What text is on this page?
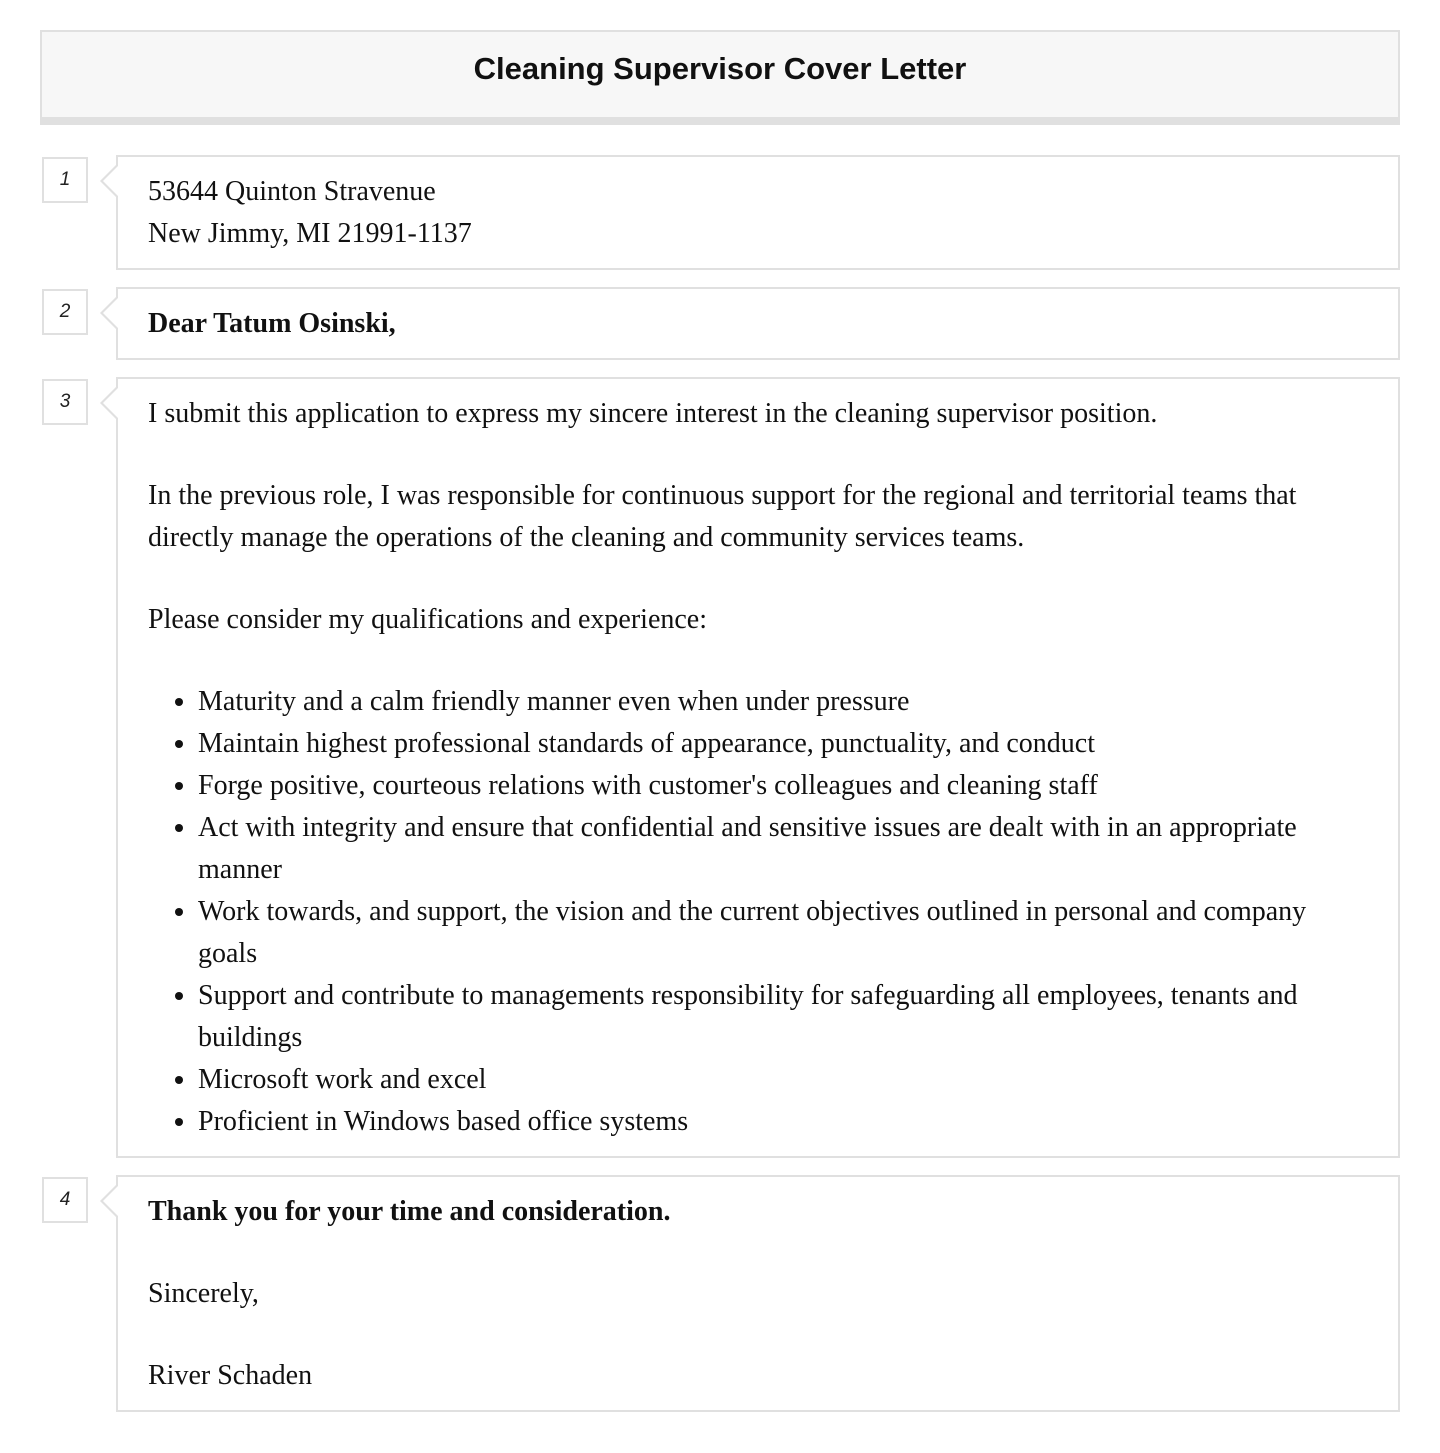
Cleaning Supervisor Cover Letter
1	53644 Quinton Stravenue

New Jimmy, MI 21991-1137

2	Dear Tatum Osinski,

3	I submit this application to express my sincere interest in the cleaning supervisor position.

In the previous role, I was responsible for continuous support for the regional and territorial teams that directly manage the operations of the cleaning and community services teams.

Please consider my qualifications and experience:

• Maturity and a calm friendly manner even when under pressure
• Maintain highest professional standards of appearance, punctuality, and conduct
• Forge positive, courteous relations with customer's colleagues and cleaning staff
• Act with integrity and ensure that confidential and sensitive issues are dealt with in an appropriate manner
• Work towards, and support, the vision and the current objectives outlined in personal and company goals
• Support and contribute to managements responsibility for safeguarding all employees, tenants and buildings
• Microsoft work and excel
• Proficient in Windows based office systems
4	Thank you for your time and consideration.

Sincerely,

River Schaden
